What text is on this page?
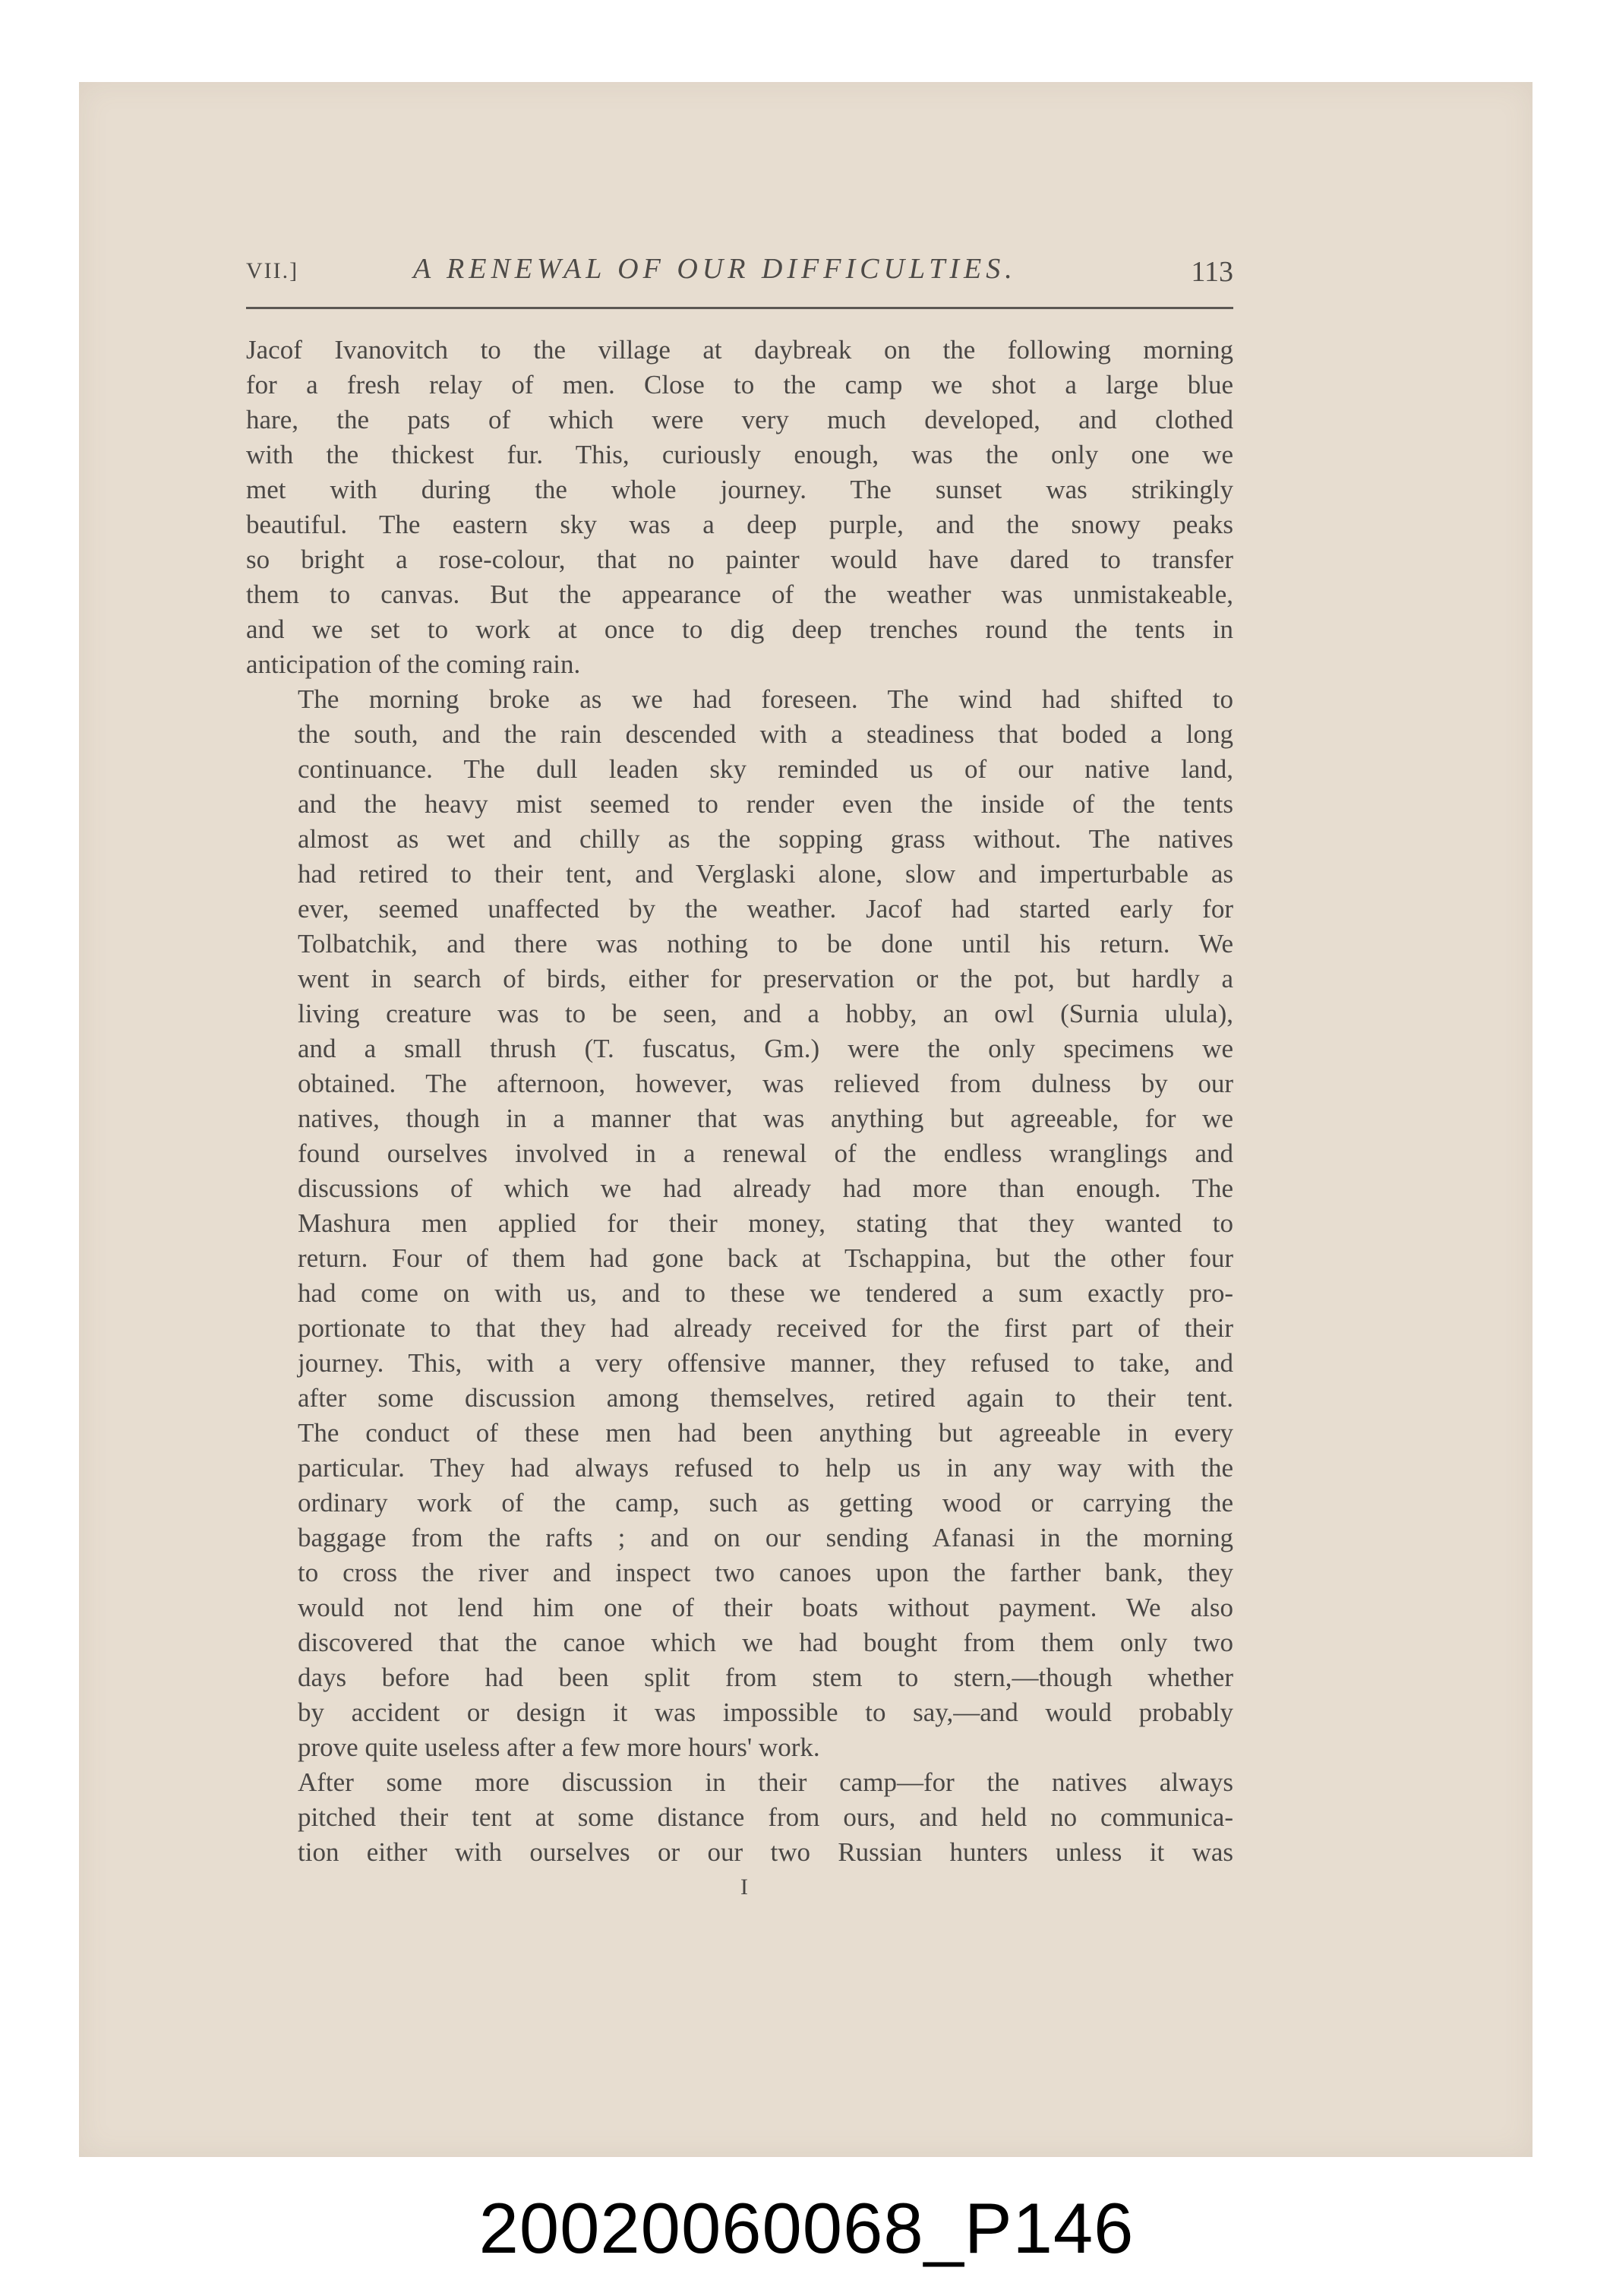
VII.]	A RENEWAL OF OUR DIFFICULTIES.	113

Jacof Ivanovitch to the village at daybreak on the following morning
for a fresh relay of men. Close to the camp we shot a large blue
hare, the pats of which were very much developed, and clothed
with the thickest fur. This, curiously enough, was the only one we
met with during the whole journey. The sunset was strikingly
beautiful. The eastern sky was a deep purple, and the snowy peaks
so bright a rose-colour, that no painter would have dared to transfer
them to canvas. But the appearance of the weather was unmistakeable,
and we set to work at once to dig deep trenches round the tents in
anticipation of the coming rain.

The morning broke as we had foreseen. The wind had shifted to
the south, and the rain descended with a steadiness that boded a long
continuance. The dull leaden sky reminded us of our native land,
and the heavy mist seemed to render even the inside of the tents
almost as wet and chilly as the sopping grass without. The natives
had retired to their tent, and Verglaski alone, slow and imperturbable as
ever, seemed unaffected by the weather. Jacof had started early for
Tolbatchik, and there was nothing to be done until his return. We
went in search of birds, either for preservation or the pot, but hardly a
living creature was to be seen, and a hobby, an owl (Surnia ulula),
and a small thrush (T. fuscatus, Gm.) were the only specimens we
obtained. The afternoon, however, was relieved from dulness by our
natives, though in a manner that was anything but agreeable, for we
found ourselves involved in a renewal of the endless wranglings and
discussions of which we had already had more than enough. The
Mashura men applied for their money, stating that they wanted to
return. Four of them had gone back at Tschappina, but the other four
had come on with us, and to these we tendered a sum exactly pro-
portionate to that they had already received for the first part of their
journey. This, with a very offensive manner, they refused to take, and
after some discussion among themselves, retired again to their tent.
The conduct of these men had been anything but agreeable in every
particular. They had always refused to help us in any way with the
ordinary work of the camp, such as getting wood or carrying the
baggage from the rafts ; and on our sending Afanasi in the morning
to cross the river and inspect two canoes upon the farther bank, they
would not lend him one of their boats without payment. We also
discovered that the canoe which we had bought from them only two
days before had been split from stem to stern,—though whether
by accident or design it was impossible to say,—and would probably
prove quite useless after a few more hours' work.

After some more discussion in their camp—for the natives always
pitched their tent at some distance from ours, and held no communica-
tion either with ourselves or our two Russian hunters unless it was

I
20020060068_P146
